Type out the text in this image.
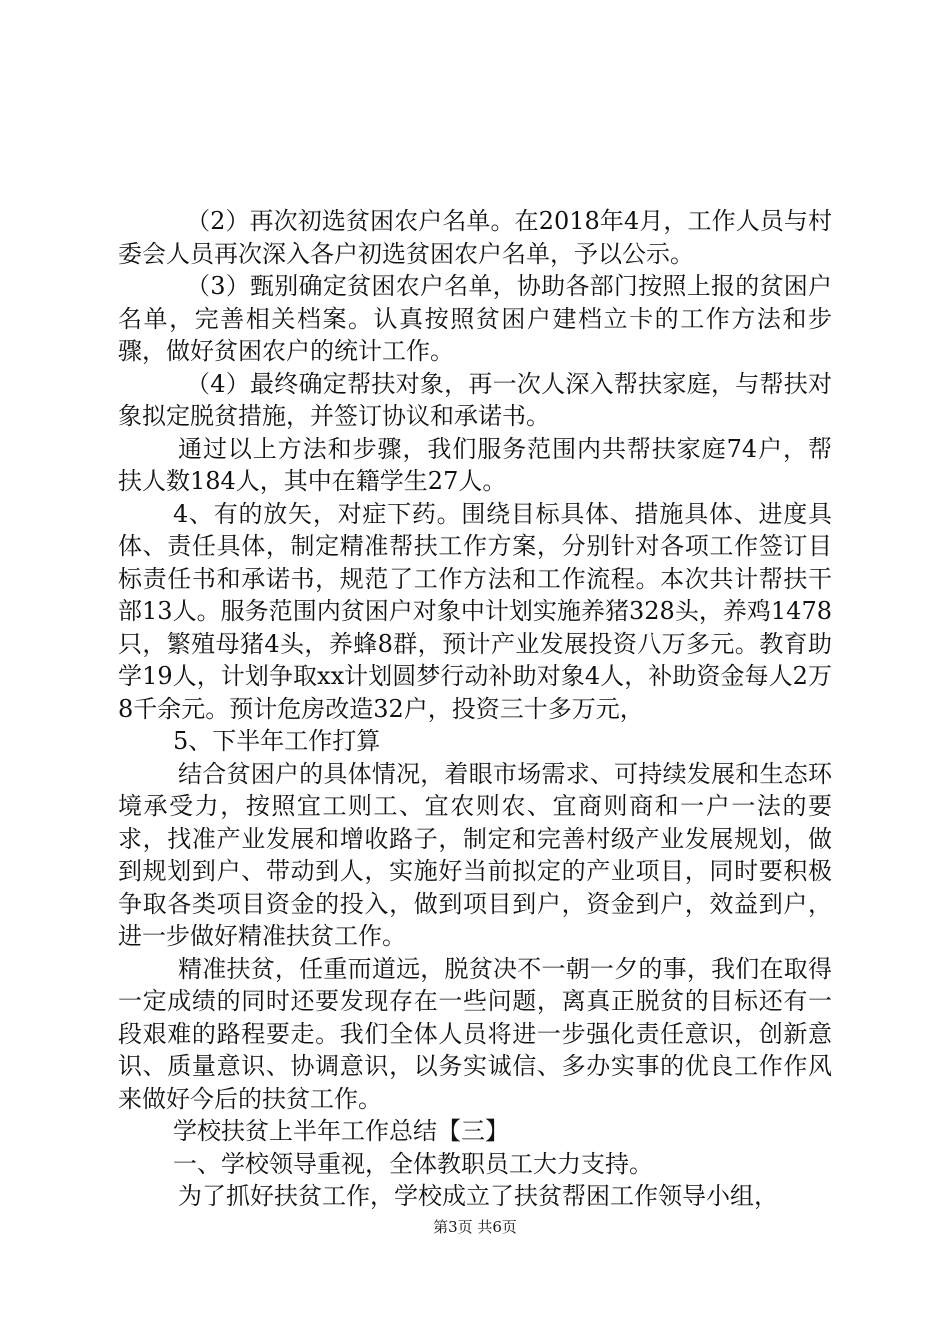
（2）再次初选贫困农户名单。在2018年4月，工作人员与村委会人员再次深入各户初选贫困农户名单，予以公示。

（3）甄别确定贫困农户名单，协助各部门按照上报的贫困户名单，完善相关档案。认真按照贫困户建档立卡的工作方法和步骤，做好贫困农户的统计工作。

（4）最终确定帮扶对象，再一次人深入帮扶家庭，与帮扶对象拟定脱贫措施，并签订协议和承诺书。

通过以上方法和步骤，我们服务范围内共帮扶家庭74户，帮扶人数184人，其中在籍学生27人。

4、有的放矢，对症下药。围绕目标具体、措施具体、进度具体、责任具体，制定精准帮扶工作方案，分别针对各项工作签订目标责任书和承诺书，规范了工作方法和工作流程。本次共计帮扶干部13人。服务范围内贫困户对象中计划实施养猪328头，养鸡1478只，繁殖母猪4头，养蜂8群，预计产业发展投资八万多元。教育助学19人，计划争取xx计划圆梦行动补助对象4人，补助资金每人2万8千余元。预计危房改造32户，投资三十多万元，

5、下半年工作打算

结合贫困户的具体情况，着眼市场需求、可持续发展和生态环境承受力，按照宜工则工、宜农则农、宜商则商和一户一法的要求，找准产业发展和增收路子，制定和完善村级产业发展规划，做到规划到户、带动到人，实施好当前拟定的产业项目，同时要积极争取各类项目资金的投入，做到项目到户，资金到户，效益到户，进一步做好精准扶贫工作。

精准扶贫，任重而道远，脱贫决不一朝一夕的事，我们在取得一定成绩的同时还要发现存在一些问题，离真正脱贫的目标还有一段艰难的路程要走。我们全体人员将进一步强化责任意识，创新意识、质量意识、协调意识，以务实诚信、多办实事的优良工作作风来做好今后的扶贫工作。

学校扶贫上半年工作总结【三】

一、学校领导重视，全体教职员工大力支持。

为了抓好扶贫工作，学校成立了扶贫帮困工作领导小组，

第3页 共6页
